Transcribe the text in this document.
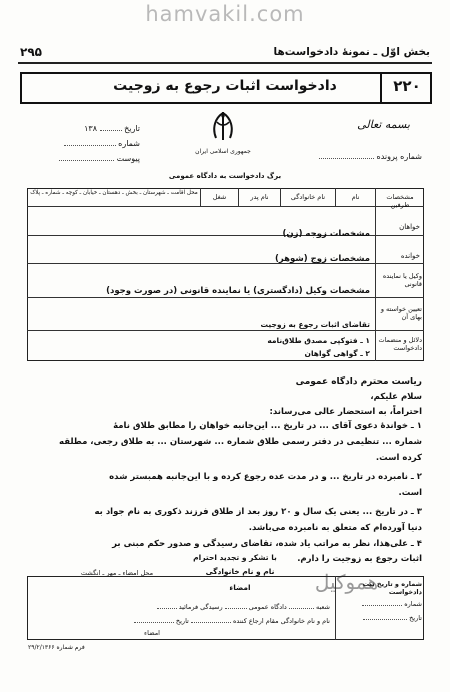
hamvakil.com
بخش اوّل ـ نمونهٔ دادخواست‌ها
۲۹۵
۲۲۰
دادخواست اثبات رجوع به زوجیت
بسمه تعالی
شماره پرونده
جمهوری اسلامی ایران
برگ دادخواست به دادگاه عمومی
تاریخ  ۱۳۸
شماره
پیوست
مشخصات طرفین
نام
نام خانوادگی
نام پدر
شغل
محل اقامت ـ شهرستان ـ بخش ـ دهستان ـ خیابان ـ کوچه ـ شماره ـ پلاک
خواهان
مشخصات زوجه (زن)
خوانده
مشخصات زوج (شوهر)
وکیل یا نماینده قانونی
مشخصات وکیل (دادگستری) یا نماینده قانونی (در صورت وجود)
تعیین خواسته و بهای آن
تقاضای اثبات رجوع به زوجیت
دلائل و منضمات دادخواست
۱ ـ فتوکپی مصدق طلاق‌نامه
۲ ـ گواهی گواهان
ریاست محترم دادگاه عمومی
سلام علیکم،
احتراماً، به استحضار عالی می‌رساند:
۱ ـ خواندهٔ دعوی آقای ... در تاریخ ... این‌جانبه خواهان را مطابق طلاق نامهٔ
شماره ... تنظیمی در دفتر رسمی طلاق شماره ... شهرستان ... به طلاق رجعی، مطلقه
کرده است.
۲ ـ نامبرده در تاریخ ... و در مدت عده رجوع کرده و با این‌جانبه همبستر شده
است.
۳ ـ در تاریخ ... یعنی یک سال و ۲۰ روز بعد از طلاق فرزند ذکوری به نام جواد به
دنیا آورده‌ام که متعلق به نامبرده می‌باشد.
۴ ـ علی‌هذا، نظر به مراتب یاد شده، تقاضای رسیدگی و صدور حکم مبنی بر
اثبات رجوع به زوجیت را دارم.
با تشکر و تجدید احترام
نام و نام خانوادگی
امضاء
محل امضاء ـ مهر ـ انگشت	هموکیل
شماره و تاریخ ثبت دادخواست
شماره
تاریخ
شعبه  دادگاه عمومی  رسیدگی فرمائید
نام و نام خانوادگی مقام ارجاع کننده  تاریخ
امضاء
فرم شماره ۲۹/۲/۱۳۶۶
